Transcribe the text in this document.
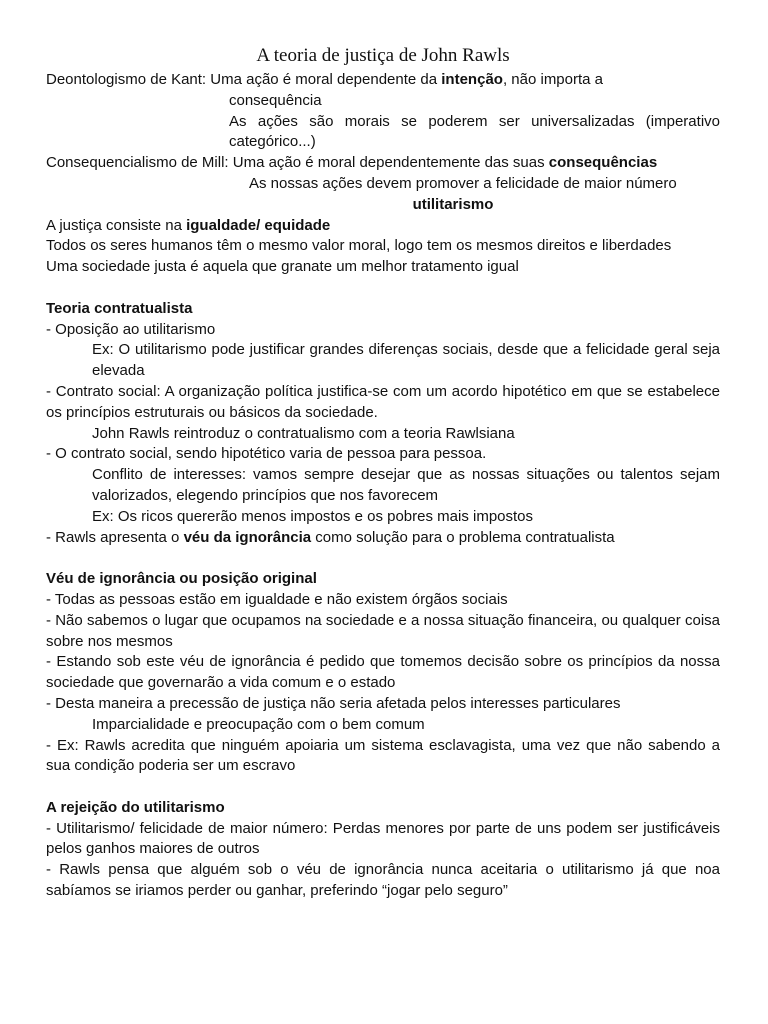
A teoria de justiça de John Rawls

Deontologismo de Kant: Uma ação é moral dependente da intenção, não importa a

consequência

As ações são morais se poderem ser universalizadas (imperativo categórico...)

Consequencialismo de Mill: Uma ação é moral dependentemente das suas consequências

As nossas ações devem promover a felicidade de maior número

utilitarismo

A justiça consiste na igualdade/ equidade

Todos os seres humanos têm o mesmo valor moral, logo tem os mesmos direitos e liberdades

Uma sociedade justa é aquela que granate um melhor tratamento igual

Teoria contratualista

- Oposição ao utilitarismo

Ex: O utilitarismo pode justificar grandes diferenças sociais, desde que a felicidade geral seja elevada

- Contrato social: A organização política justifica-se com um acordo hipotético em que se estabelece os princípios estruturais ou básicos da sociedade.

John Rawls reintroduz o contratualismo com a teoria Rawlsiana

- O contrato social, sendo hipotético varia de pessoa para pessoa.

Conflito de interesses: vamos sempre desejar que as nossas situações ou talentos sejam valorizados, elegendo princípios que nos favorecem

Ex: Os ricos quererão menos impostos e os pobres mais impostos

- Rawls apresenta o véu da ignorância como solução para o problema contratualista

Véu de ignorância ou posição original

- Todas as pessoas estão em igualdade e não existem órgãos sociais

- Não sabemos o lugar que ocupamos na sociedade e a nossa situação financeira, ou qualquer coisa sobre nos mesmos

- Estando sob este véu de ignorância é pedido que tomemos decisão sobre os princípios da nossa sociedade que governarão a vida comum e o estado

- Desta maneira a precessão de justiça não seria afetada pelos interesses particulares

Imparcialidade e preocupação com o bem comum

- Ex: Rawls acredita que ninguém apoiaria um sistema esclavagista, uma vez que não sabendo a sua condição poderia ser um escravo

A rejeição do utilitarismo

- Utilitarismo/ felicidade de maior número: Perdas menores por parte de uns podem ser justificáveis pelos ganhos maiores de outros

- Rawls pensa que alguém sob o véu de ignorância nunca aceitaria o utilitarismo já que noa sabíamos se iriamos perder ou ganhar, preferindo “jogar pelo seguro”
